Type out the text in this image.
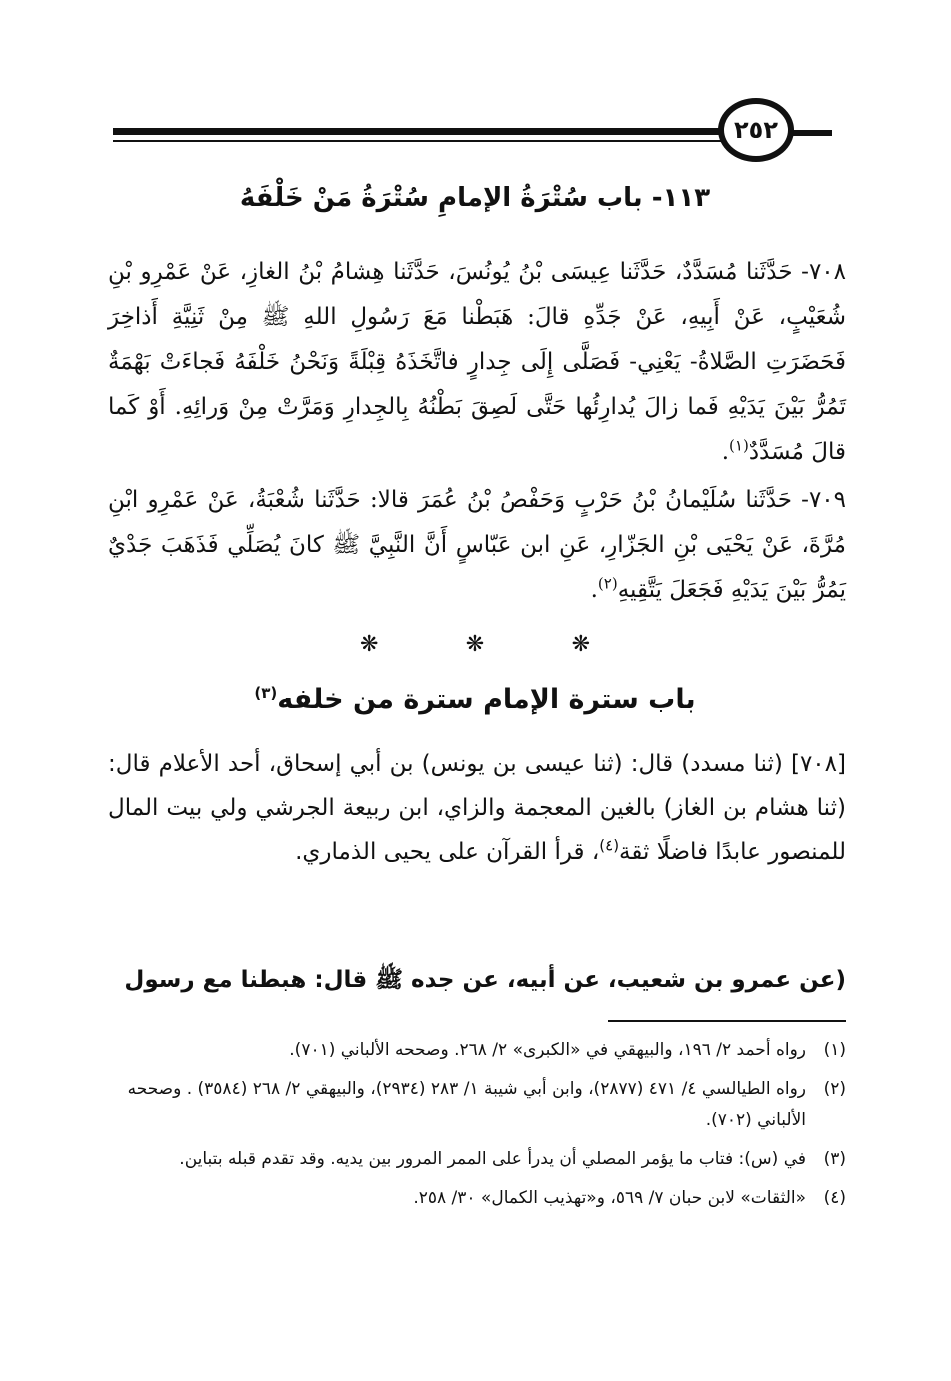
٢٥٢
١١٣- باب سُتْرَةُ الإمامِ سُتْرَةُ مَنْ خَلْفَهُ
٧٠٨- حَدَّثَنا مُسَدَّدٌ، حَدَّثَنا عِيسَى بْنُ يُونُسَ، حَدَّثَنا هِشامُ بْنُ الغازِ، عَنْ عَمْرِو بْنِ شُعَيْبٍ، عَنْ أَبِيهِ، عَنْ جَدِّهِ قالَ: هَبَطْنا مَعَ رَسُولِ اللهِ ﷺ مِنْ ثَنِيَّةِ أَذاخِرَ فَحَضَرَتِ الصَّلاةُ- يَعْنِي- فَصَلَّى إِلَى جِدارٍ فاتَّخَذَهُ قِبْلَةً وَنَحْنُ خَلْفَهُ فَجاءَتْ بَهْمَةٌ تَمُرُّ بَيْنَ يَدَيْهِ فَما زالَ يُدارِئُها حَتَّى لَصِقَ بَطْنُهُ بِالجِدارِ وَمَرَّتْ مِنْ وَرائِهِ. أَوْ كَما قالَ مُسَدَّدٌ$^{(١)}$.
٧٠٩- حَدَّثَنا سُلَيْمانُ بْنُ حَرْبٍ وَحَفْصُ بْنُ عُمَرَ قالا: حَدَّثَنا شُعْبَةُ، عَنْ عَمْرِو ابْنِ مُرَّةَ، عَنْ يَحْيَى بْنِ الجَزّارِ، عَنِ ابن عَبّاسٍ أَنَّ النَّبِيَّ ﷺ كانَ يُصَلِّي فَذَهَبَ جَدْيٌ يَمُرُّ بَيْنَ يَدَيْهِ فَجَعَلَ يَتَّقِيهِ$^{(٢)}$.
❋	❋	❋
باب سترة الإمام سترة من خلفه$^{(٣)}$
[٧٠٨] (ثنا مسدد) قال: (ثنا عيسى بن يونس) بن أبي إسحاق، أحد الأعلام قال: (ثنا هشام بن الغاز) بالغين المعجمة والزاي، ابن ربيعة الجرشي ولي بيت المال للمنصور عابدًا فاضلًا ثقة$^{(٤)}$، قرأ القرآن على يحيى الذماري.
(عن عمرو بن شعيب، عن أبيه، عن جده ﷺ قال: هبطنا مع رسول
(١)
رواه أحمد ٢/ ١٩٦، والبيهقي في «الكبرى» ٢/ ٢٦٨. وصححه الألباني (٧٠١).
(٢)
رواه الطيالسي ٤/ ٤٧١ (٢٨٧٧)، وابن أبي شيبة ١/ ٢٨٣ (٢٩٣٤)، والبيهقي ٢/ ٢٦٨ (٣٥٨٤) . وصححه الألباني (٧٠٢).
(٣)
في (س): فتاب ما يؤمر المصلي أن يدرأ على الممر المرور بين يديه. وقد تقدم قبله بتباين.
(٤)
«الثقات» لابن حبان ٧/ ٥٦٩، و«تهذيب الكمال» ٣٠/ ٢٥٨.
